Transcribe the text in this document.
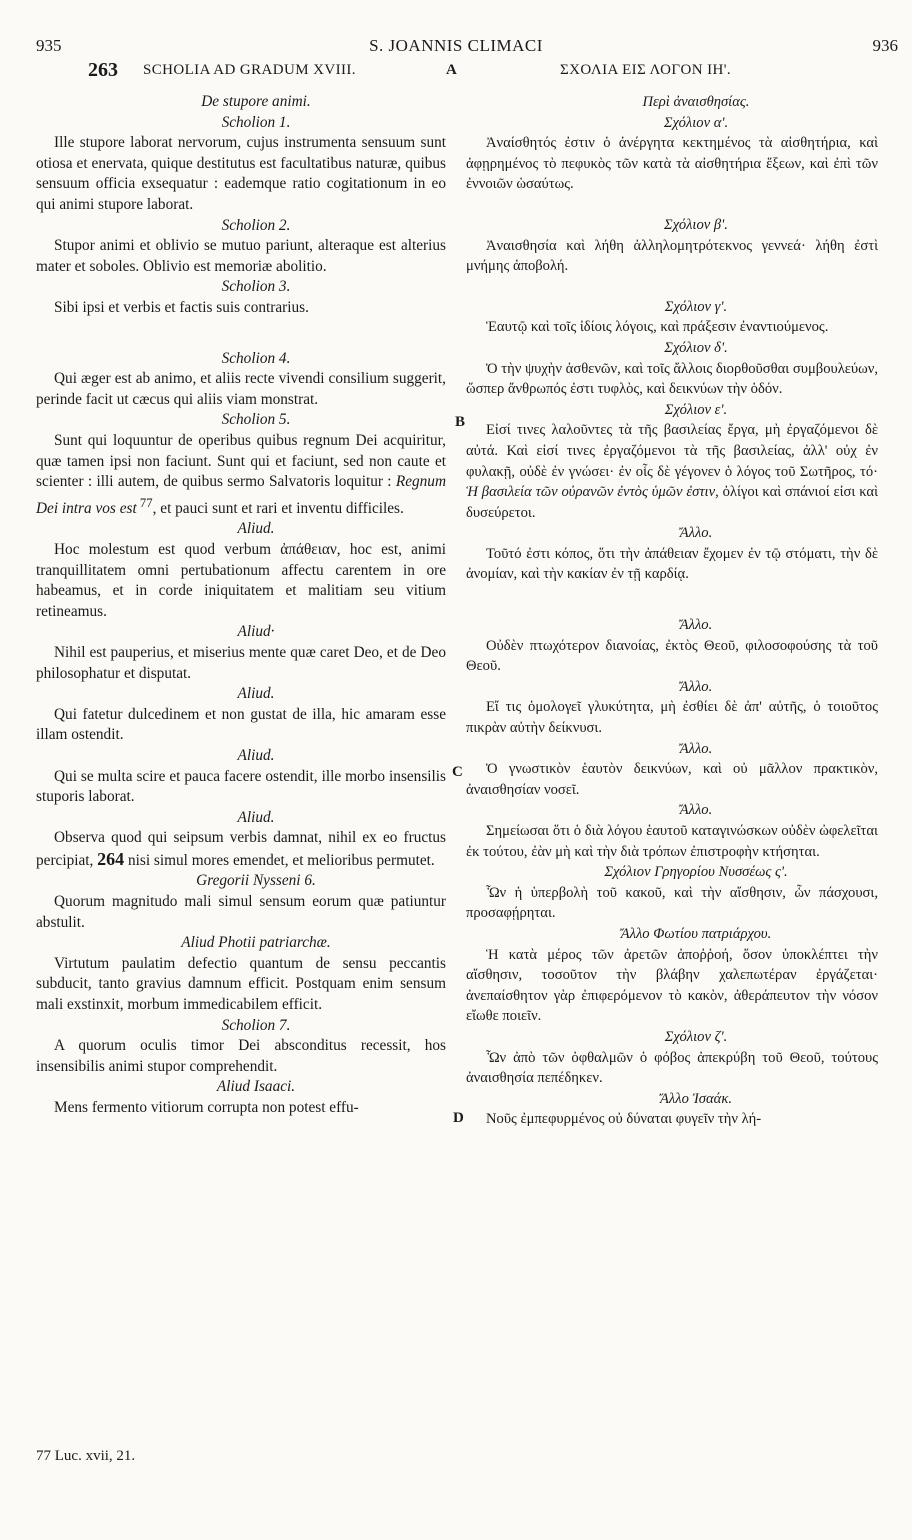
935	S. JOANNIS CLIMACI	936
263 SCHOLIA AD GRADUM XVIII.	A	ΣΧΟΛΙΑ ΕΙΣ ΛΟΓΟΝ ΙΗ'.
B
C
D

De stupore animi.

Scholion 1.

Ille stupore laborat nervorum, cujus instrumenta sensuum sunt otiosa et enervata, quique destitutus est facultatibus naturæ, quibus sensuum officia exsequatur : eademque ratio cogitationum in eo qui animi stupore laborat.

Scholion 2.

Stupor animi et oblivio se mutuo pariunt, alteraque est alterius mater et soboles. Oblivio est memoriæ abolitio.

Scholion 3.

Sibi ipsi et verbis et factis suis contrarius.

Scholion 4.

Qui æger est ab animo, et aliis recte vivendi consilium suggerit, perinde facit ut cæcus qui aliis viam monstrat.

Scholion 5.

Sunt qui loquuntur de operibus quibus regnum Dei acquiritur, quæ tamen ipsi non faciunt. Sunt qui et faciunt, sed non caute et scienter : illi autem, de quibus sermo Salvatoris loquitur : Regnum Dei intra vos est $^{77}$, et pauci sunt et rari et inventu difficiles.

Aliud.

Hoc molestum est quod verbum ἀπάθειαν, hoc est, animi tranquillitatem omni pertubationum affectu carentem in ore habeamus, et in corde iniquitatem et malitiam seu vitium retineamus.

Aliud·

Nihil est pauperius, et miserius mente quæ caret Deo, et de Deo philosophatur et disputat.

Aliud.

Qui fatetur dulcedinem et non gustat de illa, hic amaram esse illam ostendit.

Aliud.

Qui se multa scire et pauca facere ostendit, ille morbo insensilis stuporis laborat.

Aliud.

Observa quod qui seipsum verbis damnat, nihil ex eo fructus percipiat, 264 nisi simul mores emendet, et melioribus permutet.

Gregorii Nysseni 6.

Quorum magnitudo mali simul sensum eorum quæ patiuntur abstulit.

Aliud Photii patriarchæ.

Virtutum paulatim defectio quantum de sensu peccantis subducit, tanto gravius damnum efficit. Postquam enim sensum mali exstinxit, morbum immedicabilem efficit.

Scholion 7.

A quorum oculis timor Dei absconditus recessit, hos insensibilis animi stupor comprehendit.

Aliud Isaaci.

Mens fermento vitiorum corrupta non potest effu-

Περὶ ἀναισθησίας.

Σχόλιον α'.

Ἀναίσθητός ἐστιν ὁ ἀνέργητα κεκτημένος τὰ αἰσθητήρια, καὶ ἀφῃρημένος τὸ πεφυκὸς τῶν κατὰ τὰ αἰσθητήρια ἕξεων, καὶ ἐπὶ τῶν ἐννοιῶν ὡσαύτως.

Σχόλιον β'.

Ἀναισθησία καὶ λήθη ἀλληλομητρότεκνος γεννεά· λήθη ἐστὶ μνήμης ἀποβολή.

Σχόλιον γ'.

Ἑαυτῷ καὶ τοῖς ἰδίοις λόγοις, καὶ πράξεσιν ἐναντιούμενος.

Σχόλιον δ'.

Ὁ τὴν ψυχὴν ἀσθενῶν, καὶ τοῖς ἄλλοις διορθοῦσθαι συμβουλεύων, ὥσπερ ἄνθρωπός ἐστι τυφλὸς, καὶ δεικνύων τὴν ὁδόν.

Σχόλιον ε'.

Εἰσί τινες λαλοῦντες τὰ τῆς βασιλείας ἔργα, μὴ ἐργαζόμενοι δὲ αὐτά. Καὶ εἰσί τινες ἐργαζόμενοι τὰ τῆς βασιλείας, ἀλλ' οὐχ ἐν φυλακῇ, οὐδὲ ἐν γνώσει· ἐν οἷς δὲ γέγονεν ὁ λόγος τοῦ Σωτῆρος, τό· Ἡ βασιλεία τῶν οὐρανῶν ἐντὸς ὑμῶν ἐστιν, ὀλίγοι καὶ σπάνιοί εἰσι καὶ δυσεύρετοι.

Ἄλλο.

Τοῦτό ἐστι κόπος, ὅτι τὴν ἀπάθειαν ἔχομεν ἐν τῷ στόματι, τὴν δὲ ἀνομίαν, καὶ τὴν κακίαν ἐν τῇ καρδίᾳ.

Ἄλλο.

Οὐδὲν πτωχότερον διανοίας, ἐκτὸς Θεοῦ, φιλοσοφούσης τὰ τοῦ Θεοῦ.

Ἄλλο.

Εἴ τις ὁμολογεῖ γλυκύτητα, μὴ ἐσθίει δὲ ἀπ' αὐτῆς, ὁ τοιοῦτος πικρὰν αὐτὴν δείκνυσι.

Ἄλλο.

Ὁ γνωστικὸν ἑαυτὸν δεικνύων, καὶ οὐ μᾶλλον πρακτικὸν, ἀναισθησίαν νοσεῖ.

Ἄλλο.

Σημείωσαι ὅτι ὁ διὰ λόγου ἑαυτοῦ καταγινώσκων οὐδὲν ὠφελεῖται ἐκ τούτου, ἐὰν μὴ καὶ τὴν διὰ τρόπων ἐπιστροφὴν κτήσηται.

Σχόλιον Γρηγορίου Νυσσέως ς'.

Ὧν ἡ ὑπερβολὴ τοῦ κακοῦ, καὶ τὴν αἴσθησιν, ὧν πάσχουσι, προσαφῄρηται.

Ἄλλο Φωτίου πατριάρχου.

Ἡ κατὰ μέρος τῶν ἀρετῶν ἀποῤῥοή, ὅσον ὑποκλέπτει τὴν αἴσθησιν, τοσοῦτον τὴν βλάβην χαλεπωτέραν ἐργάζεται· ἀνεπαίσθητον γὰρ ἐπιφερόμενον τὸ κακὸν, ἀθεράπευτον τὴν νόσον εἴωθε ποιεῖν.

Σχόλιον ζ'.

Ὧν ἀπὸ τῶν ὀφθαλμῶν ὁ φόβος ἀπεκρύβη τοῦ Θεοῦ, τούτους ἀναισθησία πεπέδηκεν.

Ἄλλο Ἰσαάκ.

Νοῦς ἐμπεφυρμένος οὐ δύναται φυγεῖν τὴν λή-

77 Luc. xvii, 21.
